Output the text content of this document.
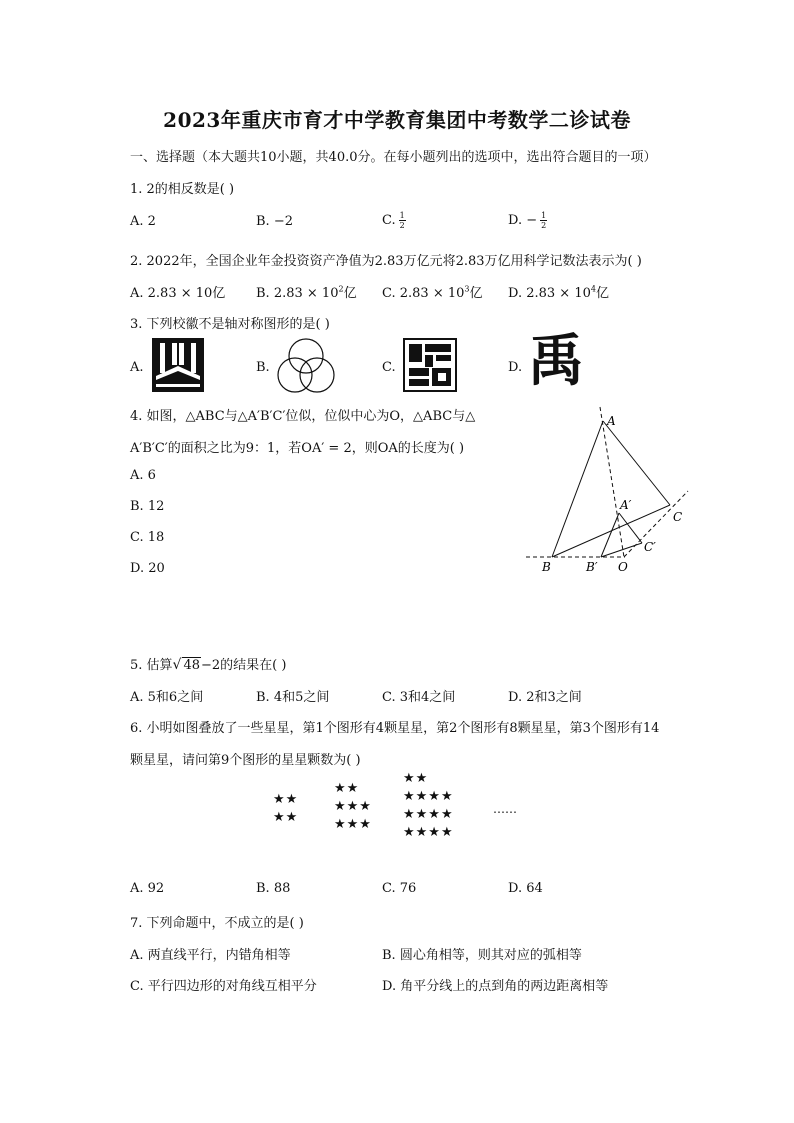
2023年重庆市育才中学教育集团中考数学二诊试卷
一、选择题（本大题共10小题，共40.0分。在每小题列出的选项中，选出符合题目的一项）
1. 2的相反数是( )
A. 2	B. −2	C. $\frac{1}{2}$	D. − $\frac{1}{2}$
2. 2022年，全国企业年金投资资产净值为2.83万亿元将2.83万亿用科学记数法表示为( )
A. 2.83 × 10亿 B. $2.83 \times 10^2$亿 C. $2.83 \times 10^3$亿 D. $2.83 \times 10^4$亿
3. 下列校徽不是轴对称图形的是( )
A.	B.	C.	D. 禹
4. 如图，△ABC与△A′B′C′位似，位似中心为O，△ABC与△
A′B′C′的面积之比为9：1，若OA′ = 2，则OA的长度为( )
A. 6
B. 12
C. 18
D. 20
A
A′
C
C′
B	B′ O
5. 估算√ 48−2的结果在( )
A. 5和6之间	B. 4和5之间	C. 3和4之间	D. 2和3之间
6. 小明如图叠放了一些星星，第1个图形有4颗星星，第2个图形有8颗星星，第3个图形有14
颗星星，请问第9个图形的星星颗数为( )
★★
★★
★★
★★★
★★★
★★
★★★★
★★★★
★★★★
……
A. 92	B. 88	C. 76	D. 64
7. 下列命题中，不成立的是( )
A. 两直线平行，内错角相等	B. 圆心角相等，则其对应的弧相等
C. 平行四边形的对角线互相平分	D. 角平分线上的点到角的两边距离相等
